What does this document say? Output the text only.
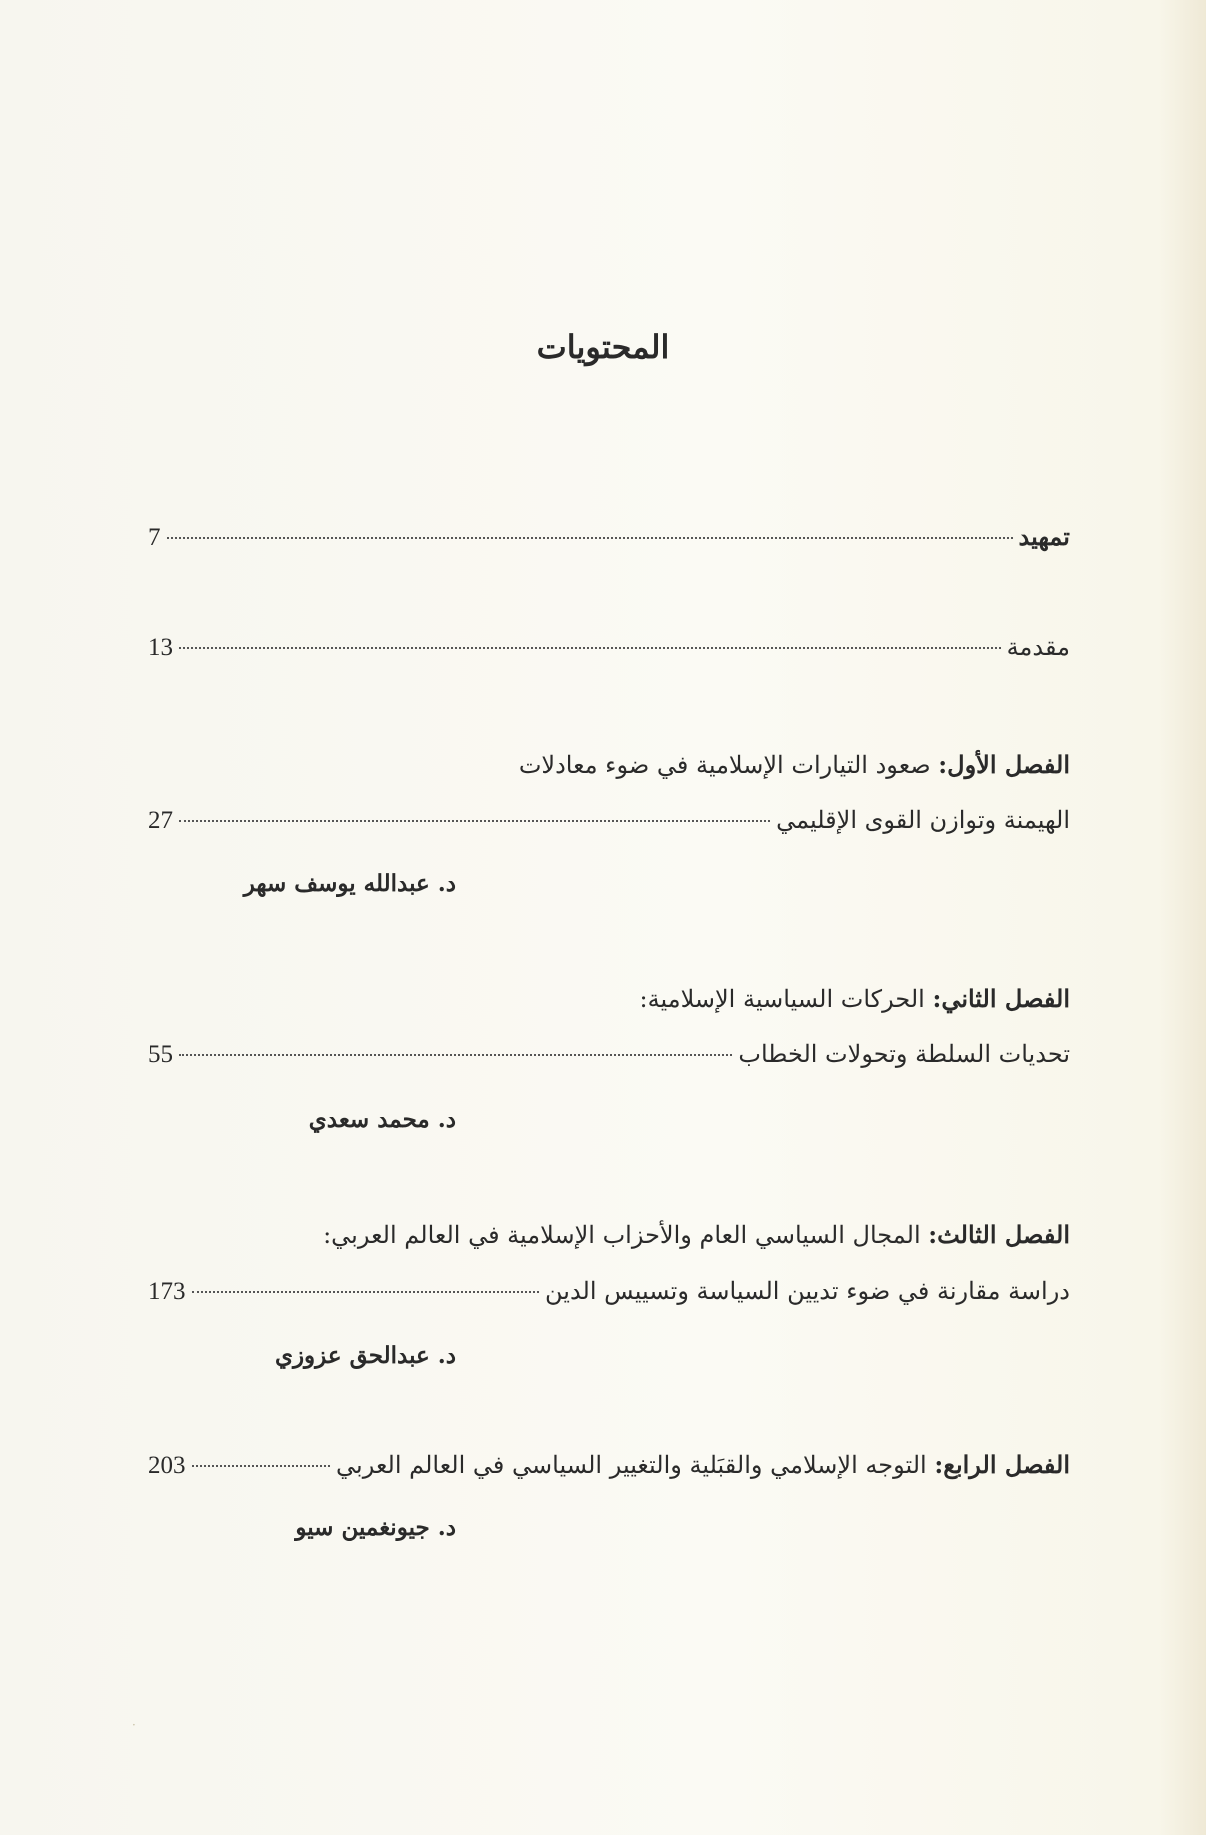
المحتويات
تمهيد
7
مقدمة
13
الفصل الأول: صعود التيارات الإسلامية في ضوء معادلات
الهيمنة وتوازن القوى الإقليمي
27
د. عبدالله يوسف سهر
الفصل الثاني: الحركات السياسية الإسلامية:
تحديات السلطة وتحولات الخطاب
55
د. محمد سعدي
الفصل الثالث: المجال السياسي العام والأحزاب الإسلامية في العالم العربي:
دراسة مقارنة في ضوء تديين السياسة وتسييس الدين
173
د. عبدالحق عزوزي
الفصل الرابع: التوجه الإسلامي والقبَلية والتغيير السياسي في العالم العربي
203
د. جيونغمين سيو
·
